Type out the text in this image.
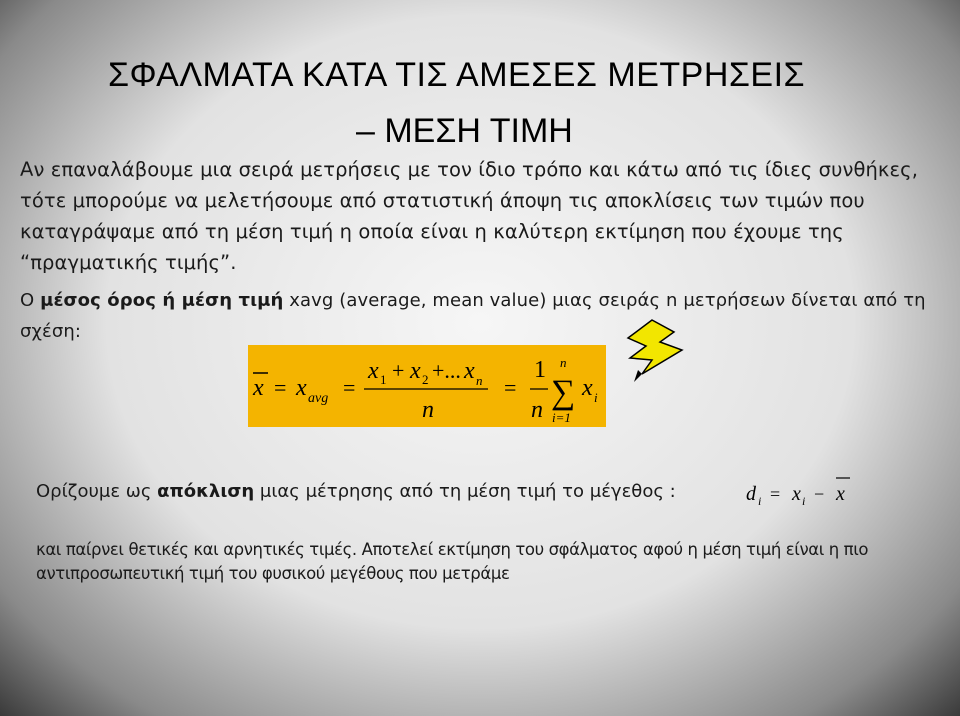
ΣΦΑΛΜΑΤΑ ΚΑΤΑ ΤΙΣ ΑΜΕΣΕΣ ΜΕΤΡΗΣΕΙΣ
– ΜΕΣΗ ΤΙΜΗ
Αν επαναλάβουμε μια σειρά μετρήσεις με τον ίδιο τρόπο και κάτω από τις ίδιες συνθήκες, τότε μπορούμε να μελετήσουμε από στατιστική άποψη τις αποκλίσεις των τιμών που καταγράψαμε από τη μέση τιμή η οποία είναι η καλύτερη εκτίμηση που έχουμε της “πραγματικής τιμής”.
Ο μέσος όρος ή μέση τιμή xavg (average, mean value) μιας σειράς n μετρήσεων δίνεται από τη σχέση:
x = x avg =
x 1 + x 2 +... x n
n
=
1
n
n
∑
i=1
x i
Ορίζουμε ως απόκλιση μιας μέτρησης από τη μέση τιμή το μέγεθος :	d i = x i − x
και παίρνει θετικές και αρνητικές τιμές. Αποτελεί εκτίμηση του σφάλματος αφού η μέση τιμή είναι η πιο αντιπροσωπευτική τιμή του φυσικού μεγέθους που μετράμε
